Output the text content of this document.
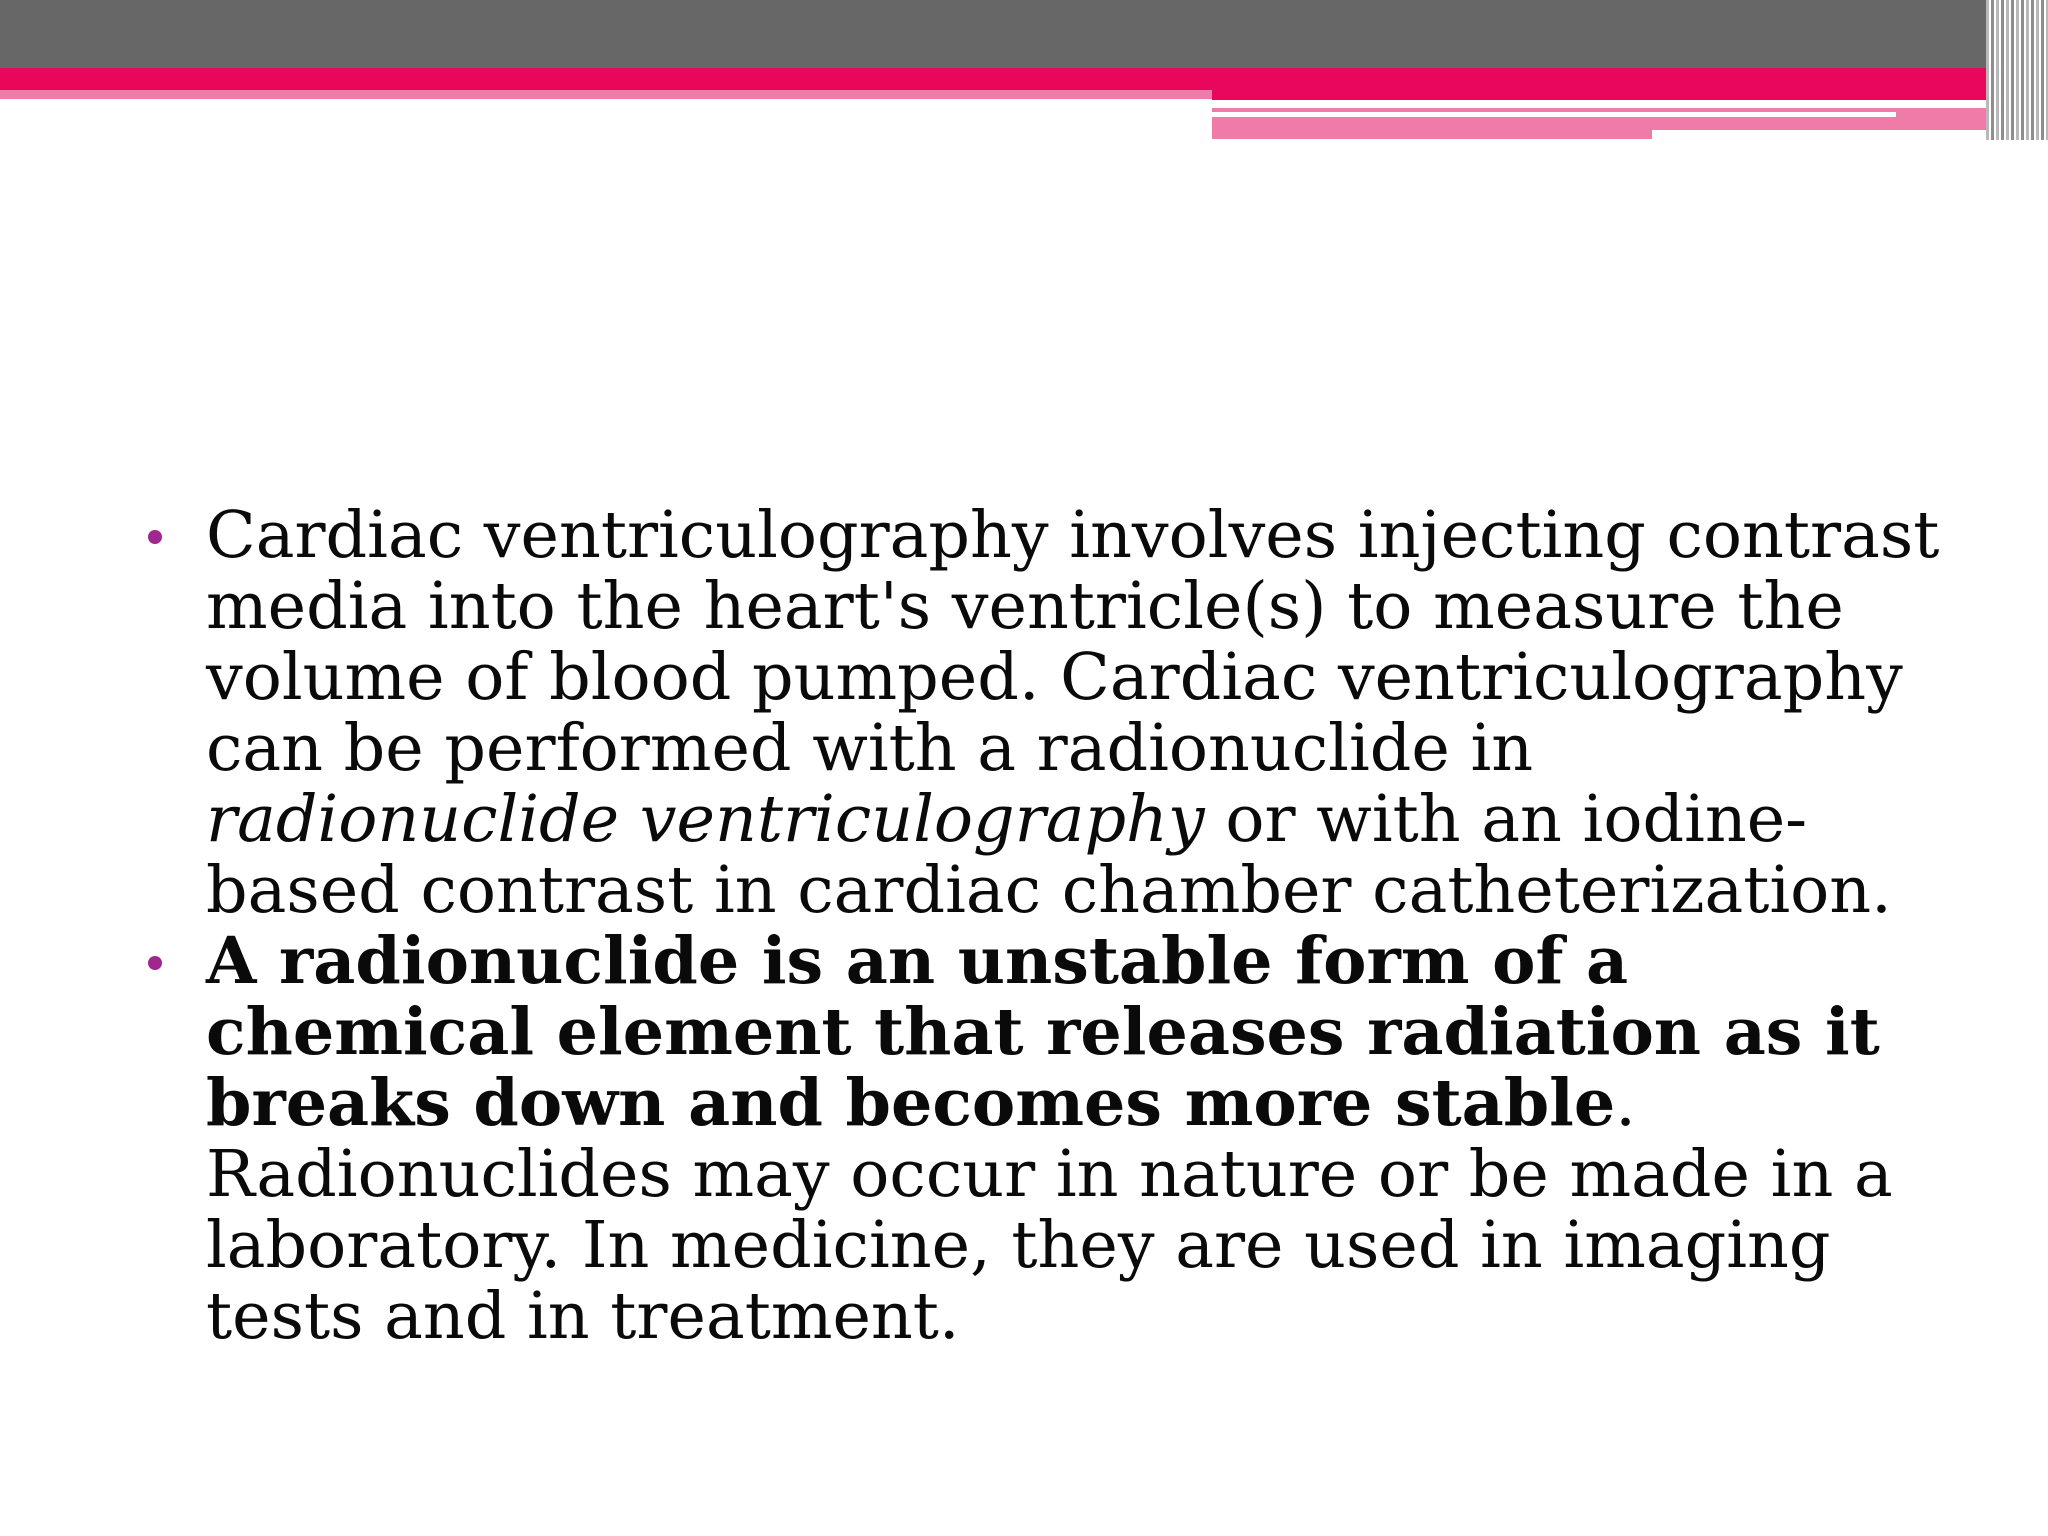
Cardiac ventriculography involves injecting contrast media into the heart's ventricle(s) to measure the volume of blood pumped. Cardiac ventriculography can be performed with a radionuclide in radionuclide ventriculography or with an iodine-based contrast in cardiac chamber catheterization.
A radionuclide is an unstable form of a chemical element that releases radiation as it breaks down and becomes more stable. Radionuclides may occur in nature or be made in a laboratory. In medicine, they are used in imaging tests and in treatment.
